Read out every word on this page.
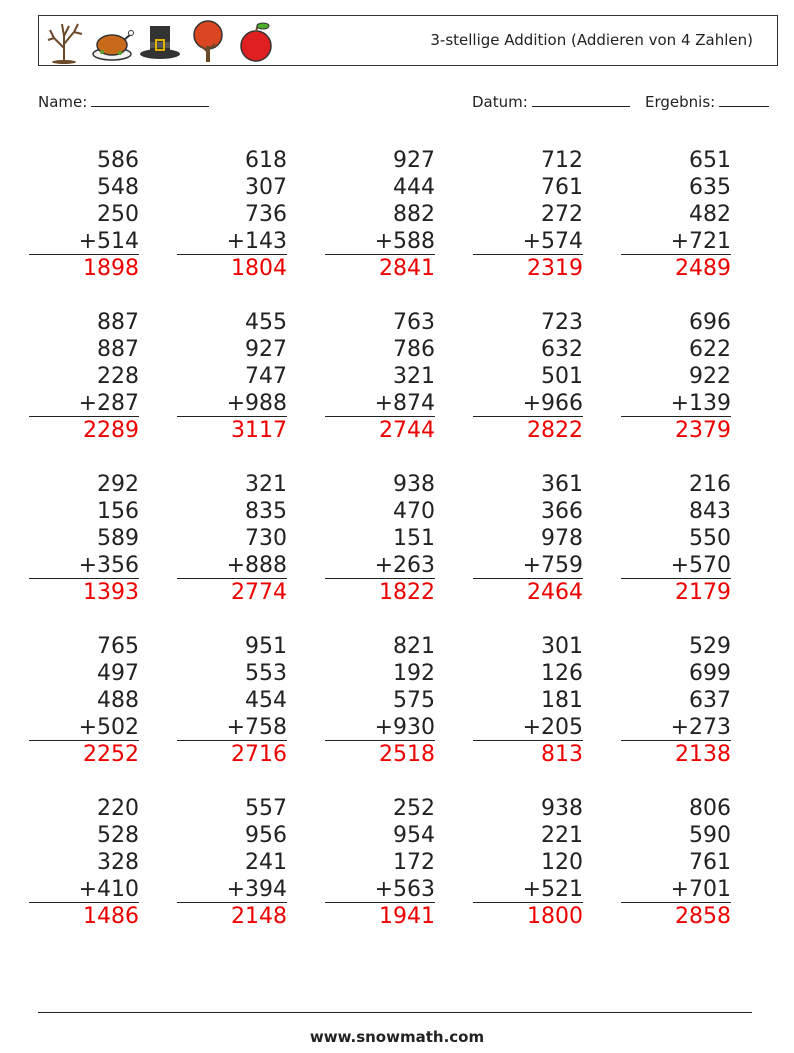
3-stellige Addition (Addieren von 4 Zahlen)
Name:	Datum:	Ergebnis:
586
548
250
+514
1898
618
307
736
+143
1804
927
444
882
+588
2841
712
761
272
+574
2319
651
635
482
+721
2489
887
887
228
+287
2289
455
927
747
+988
3117
763
786
321
+874
2744
723
632
501
+966
2822
696
622
922
+139
2379
292
156
589
+356
1393
321
835
730
+888
2774
938
470
151
+263
1822
361
366
978
+759
2464
216
843
550
+570
2179
765
497
488
+502
2252
951
553
454
+758
2716
821
192
575
+930
2518
301
126
181
+205
813
529
699
637
+273
2138
220
528
328
+410
1486
557
956
241
+394
2148
252
954
172
+563
1941
938
221
120
+521
1800
806
590
761
+701
2858
www.snowmath.com
